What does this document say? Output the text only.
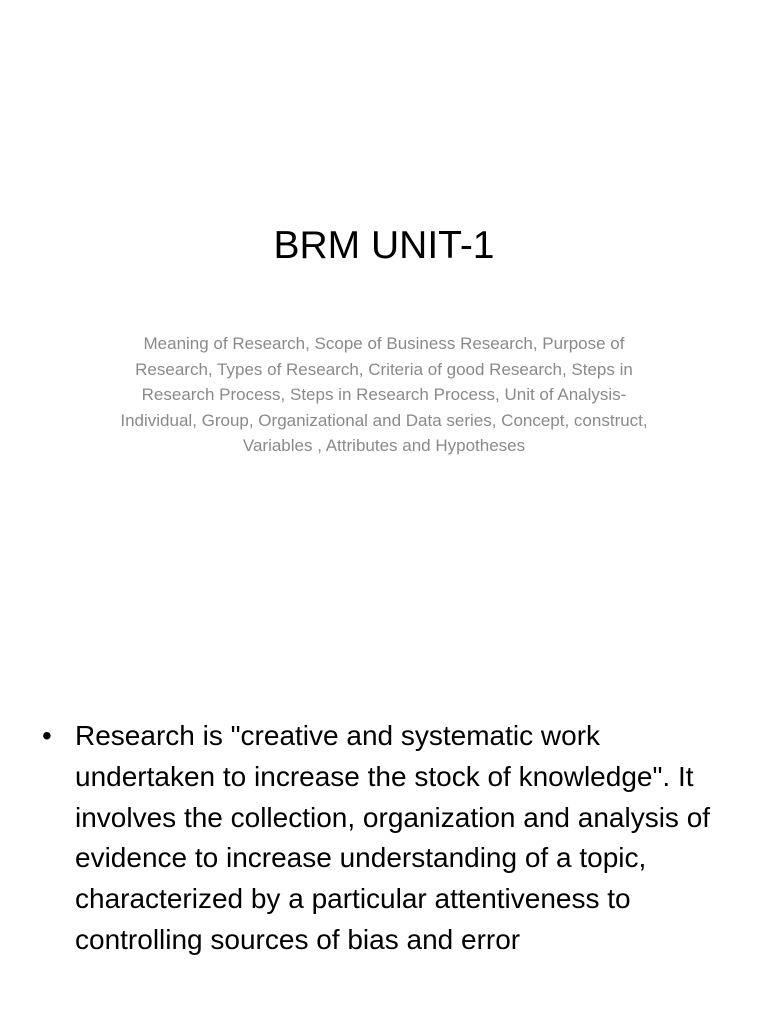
BRM UNIT-1

Meaning of Research, Scope of Business Research, Purpose of Research, Types of Research, Criteria of good Research, Steps in Research Process, Steps in Research Process, Unit of Analysis-Individual, Group, Organizational and Data series, Concept, construct, Variables , Attributes and Hypotheses

• Research is "creative and systematic work undertaken to increase the stock of knowledge". It involves the collection, organization and analysis of evidence to increase understanding of a topic, characterized by a particular attentiveness to controlling sources of bias and error
